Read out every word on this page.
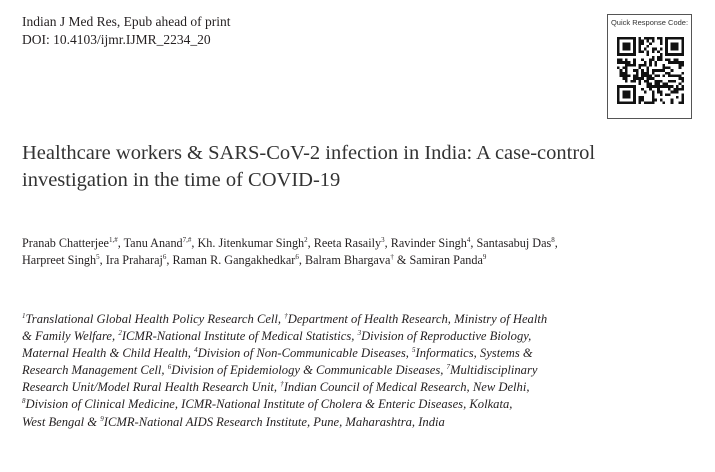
Indian J Med Res, Epub ahead of print
DOI: 10.4103/ijmr.IJMR_2234_20
Quick Response Code:
Healthcare workers & SARS-CoV-2 infection in India: A case-control
investigation in the time of COVID-19
Pranab Chatterjee$^{1,\#}$, Tanu Anand$^{7,\#}$, Kh. Jitenkumar Singh$^2$, Reeta Rasaily$^3$, Ravinder Singh$^4$, Santasabuj Das$^8$,
Harpreet Singh$^5$, Ira Praharaj$^6$, Raman R. Gangakhedkar$^6$, Balram Bhargava† & Samiran Panda$^9$
$^1$Translational Global Health Policy Research Cell, †Department of Health Research, Ministry of Health
& Family Welfare, $^2$ICMR-National Institute of Medical Statistics, $^3$Division of Reproductive Biology,
Maternal Health & Child Health, $^4$Division of Non-Communicable Diseases, $^5$Informatics, Systems &
Research Management Cell, $^6$Division of Epidemiology & Communicable Diseases, $^7$Multidisciplinary
Research Unit/Model Rural Health Research Unit, †Indian Council of Medical Research, New Delhi,
$^8$Division of Clinical Medicine, ICMR-National Institute of Cholera & Enteric Diseases, Kolkata,
West Bengal & $^9$ICMR-National AIDS Research Institute, Pune, Maharashtra, India
